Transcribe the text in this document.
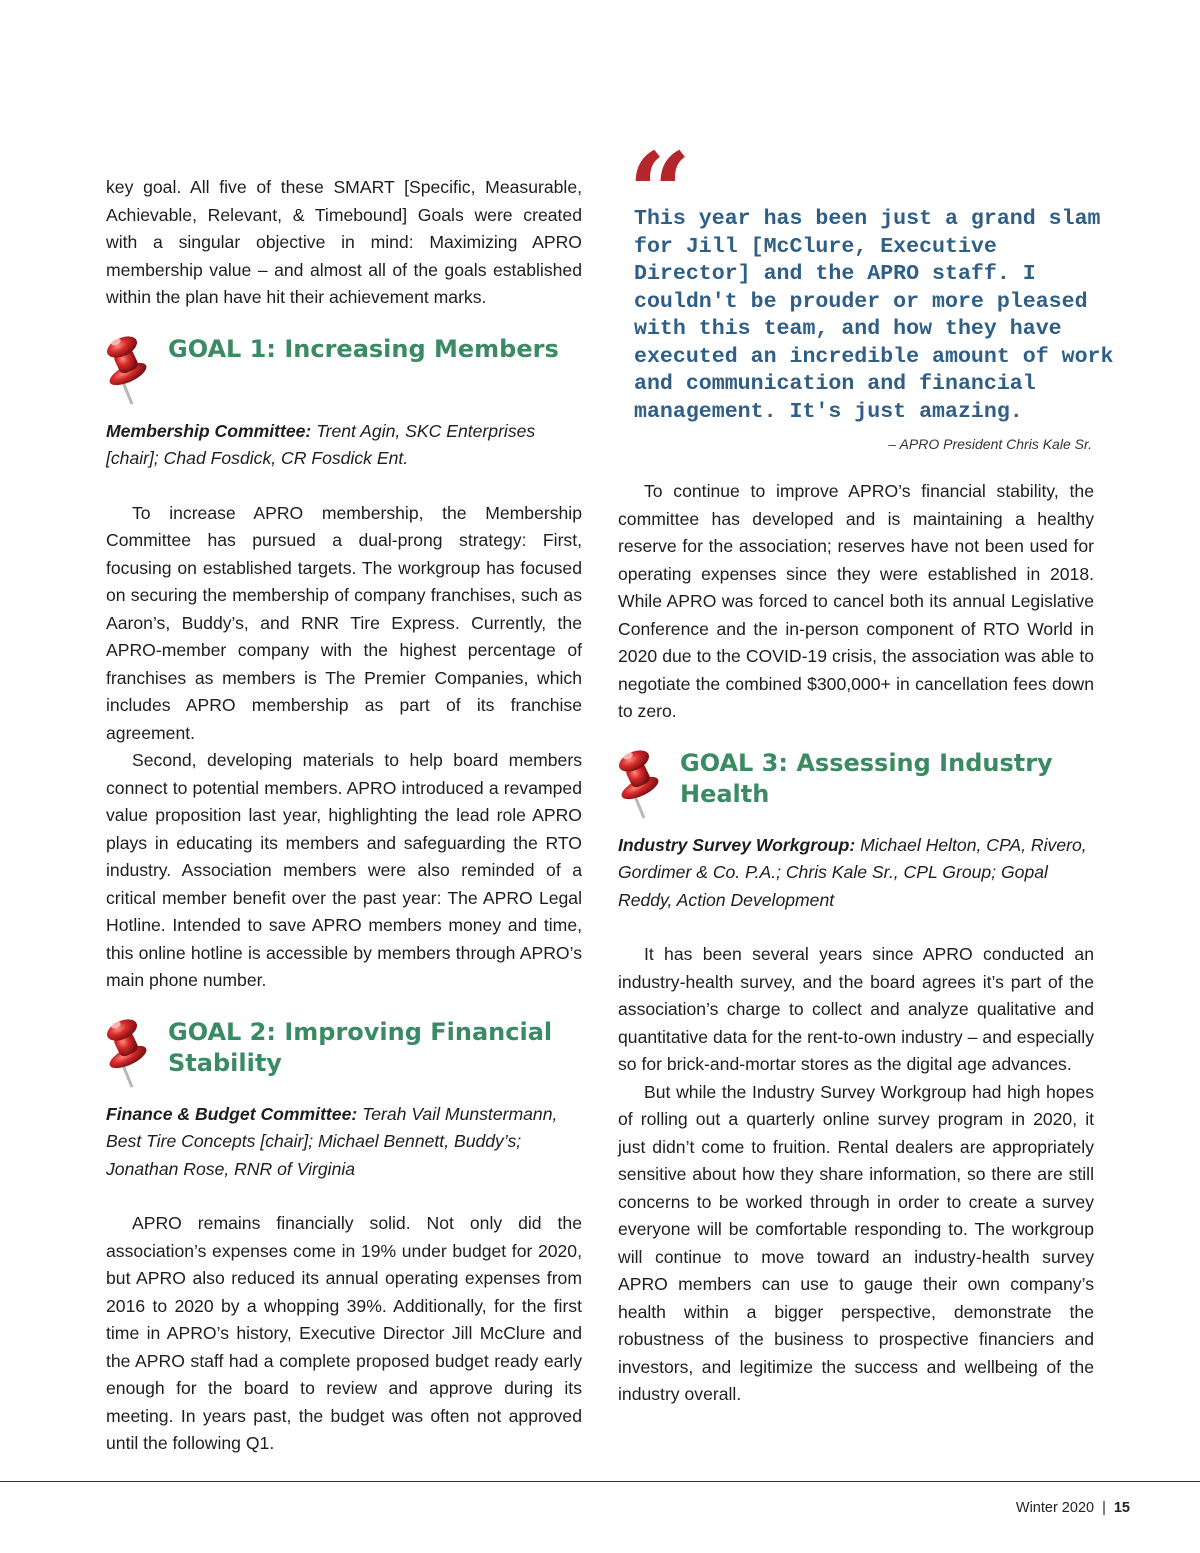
key goal. All five of these SMART [Specific, Measurable, Achievable, Relevant, & Timebound] Goals were created with a singular objective in mind: Maximizing APRO membership value – and almost all of the goals established within the plan have hit their achievement marks.

GOAL 1: Increasing Members

Membership Committee: Trent Agin, SKC Enterprises [chair]; Chad Fosdick, CR Fosdick Ent.

To increase APRO membership, the Membership Committee has pursued a dual-prong strategy: First, focusing on established targets. The workgroup has focused on securing the membership of company franchises, such as Aaron’s, Buddy’s, and RNR Tire Express. Currently, the APRO-member company with the highest percentage of franchises as members is The Premier Companies, which includes APRO membership as part of its franchise agreement.

Second, developing materials to help board members connect to potential members. APRO introduced a revamped value proposition last year, highlighting the lead role APRO plays in educating its members and safeguarding the RTO industry. Association members were also reminded of a critical member benefit over the past year: The APRO Legal Hotline. Intended to save APRO members money and time, this online hotline is accessible by members through APRO’s main phone number.

GOAL 2: Improving Financial Stability

Finance & Budget Committee: Terah Vail Munstermann, Best Tire Concepts [chair]; Michael Bennett, Buddy’s; Jonathan Rose, RNR of Virginia

APRO remains financially solid. Not only did the association’s expenses come in 19% under budget for 2020, but APRO also reduced its annual operating expenses from 2016 to 2020 by a whopping 39%. Additionally, for the first time in APRO’s history, Executive Director Jill McClure and the APRO staff had a complete proposed budget ready early enough for the board to review and approve during its meeting. In years past, the budget was often not approved until the following Q1.

“
This year has been just a grand slam for Jill [McClure, Executive Director] and the APRO staff. I couldn't be prouder or more pleased with this team, and how they have executed an incredible amount of work and communication and financial management. It's just amazing.
– APRO President Chris Kale Sr.

To continue to improve APRO’s financial stability, the committee has developed and is maintaining a healthy reserve for the association; reserves have not been used for operating expenses since they were established in 2018. While APRO was forced to cancel both its annual Legislative Conference and the in-person component of RTO World in 2020 due to the COVID-19 crisis, the association was able to negotiate the combined $300,000+ in cancellation fees down to zero.

GOAL 3: Assessing Industry Health

Industry Survey Workgroup: Michael Helton, CPA, Rivero, Gordimer & Co. P.A.; Chris Kale Sr., CPL Group; Gopal Reddy, Action Development

It has been several years since APRO conducted an industry-health survey, and the board agrees it’s part of the association’s charge to collect and analyze qualitative and quantitative data for the rent-to-own industry – and especially so for brick-and-mortar stores as the digital age advances.

But while the Industry Survey Workgroup had high hopes of rolling out a quarterly online survey program in 2020, it just didn’t come to fruition. Rental dealers are appropriately sensitive about how they share information, so there are still concerns to be worked through in order to create a survey everyone will be comfortable responding to. The workgroup will continue to move toward an industry-health survey APRO members can use to gauge their own company’s health within a bigger perspective, demonstrate the robustness of the business to prospective financiers and investors, and legitimize the success and wellbeing of the industry overall.

Winter 2020 | 15
